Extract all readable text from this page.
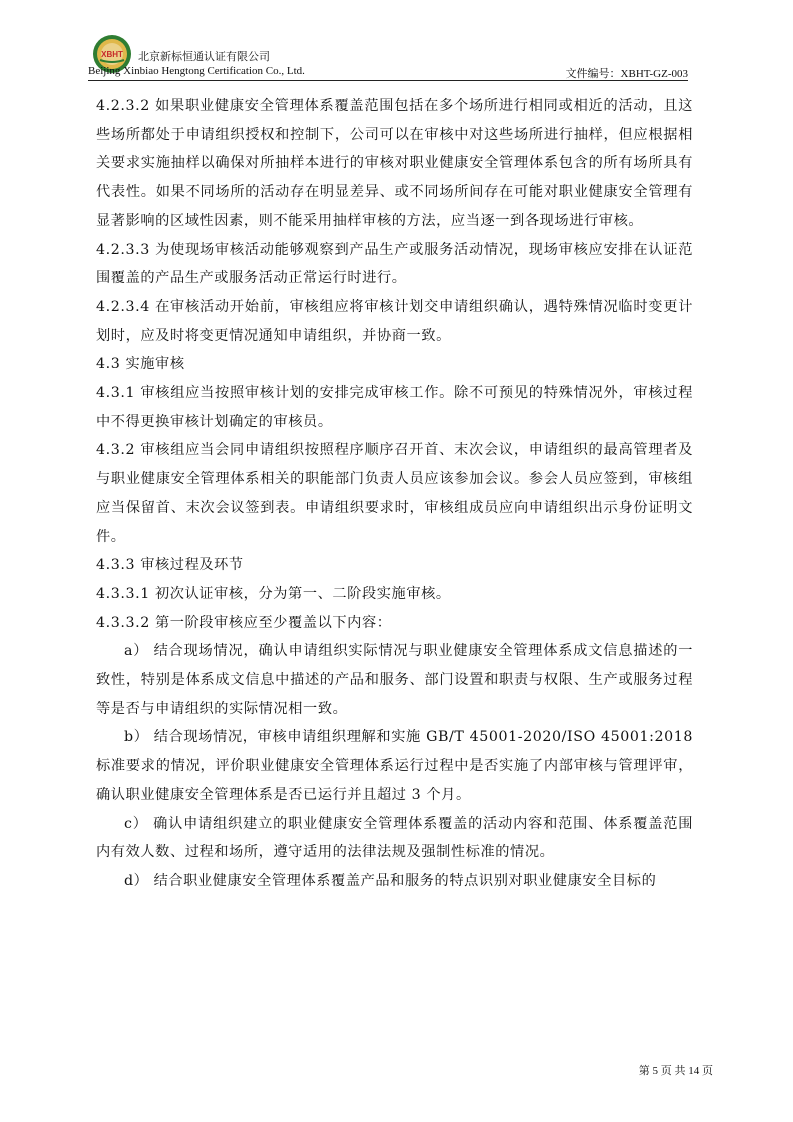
XBHT 北京新标恒通认证有限公司
Beijing Xinbiao Hengtong Certification Co., Ltd.	文件编号：XBHT-GZ-003

4.2.3.2 如果职业健康安全管理体系覆盖范围包括在多个场所进行相同或相近的活动，且这些场所都处于申请组织授权和控制下，公司可以在审核中对这些场所进行抽样，但应根据相关要求实施抽样以确保对所抽样本进行的审核对职业健康安全管理体系包含的所有场所具有代表性。如果不同场所的活动存在明显差异、或不同场所间存在可能对职业健康安全管理有显著影响的区域性因素，则不能采用抽样审核的方法，应当逐一到各现场进行审核。

4.2.3.3 为使现场审核活动能够观察到产品生产或服务活动情况，现场审核应安排在认证范围覆盖的产品生产或服务活动正常运行时进行。

4.2.3.4 在审核活动开始前，审核组应将审核计划交申请组织确认，遇特殊情况临时变更计划时，应及时将变更情况通知申请组织，并协商一致。

4.3 实施审核

4.3.1 审核组应当按照审核计划的安排完成审核工作。除不可预见的特殊情况外，审核过程中不得更换审核计划确定的审核员。

4.3.2 审核组应当会同申请组织按照程序顺序召开首、末次会议，申请组织的最高管理者及与职业健康安全管理体系相关的职能部门负责人员应该参加会议。参会人员应签到，审核组应当保留首、末次会议签到表。申请组织要求时，审核组成员应向申请组织出示身份证明文件。

4.3.3 审核过程及环节

4.3.3.1 初次认证审核，分为第一、二阶段实施审核。

4.3.3.2 第一阶段审核应至少覆盖以下内容：

a） 结合现场情况，确认申请组织实际情况与职业健康安全管理体系成文信息描述的一致性，特别是体系成文信息中描述的产品和服务、部门设置和职责与权限、生产或服务过程等是否与申请组织的实际情况相一致。

b） 结合现场情况，审核申请组织理解和实施 GB/T 45001-2020/ISO 45001:2018 标准要求的情况，评价职业健康安全管理体系运行过程中是否实施了内部审核与管理评审，确认职业健康安全管理体系是否已运行并且超过 3 个月。

c） 确认申请组织建立的职业健康安全管理体系覆盖的活动内容和范围、体系覆盖范围内有效人数、过程和场所，遵守适用的法律法规及强制性标准的情况。

d） 结合职业健康安全管理体系覆盖产品和服务的特点识别对职业健康安全目标的

第 5 页 共 14 页
